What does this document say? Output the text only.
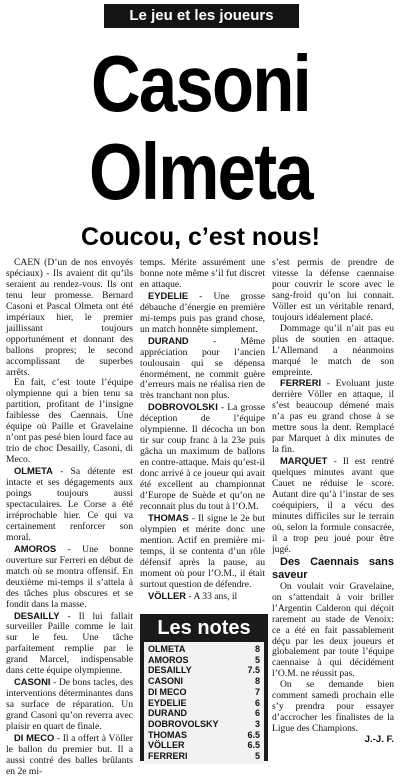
Le jeu et les joueurs
Casoni
Olmeta
Coucou, c’est nous!

CAEN (D’un de nos envoyés spéciaux) - Ils avaient dit qu’ils seraient au rendez-vous. Ils ont tenu leur promesse. Bernard Casoni et Pascal Olmeta ont été impériaux hier, le premier jaillissant toujours opportunément et donnant des ballons propres; le second accomplissant de superbes arrêts.

En fait, c’est toute l’équipe olympienne qui a bien tenu sa partition, profitant de l’insigne faiblesse des Caennais. Une équipe où Paille et Gravelaine n’ont pas pesé bien lourd face au trio de choc Desailly, Casoni, di Meco.

OLMETA - Sa détente est intacte et ses dégagements aux poings toujours aussi spectaculaires. Le Corse a été irréprochable hier. Ce qui va certainement renforcer son moral.

AMOROS - Une bonne ouverture sur Ferreri en début de match où se montra offensif. En deuxième mi-temps il s’attela à des tâches plus obscures et se fondit dans la masse.

DESAILLY - Il lui fallait surveiller Paille comme le lait sur le feu. Une tâche parfaitement remplie par le grand Marcel, indispensable dans cette équipe olympienne.

CASONI - De bons tacles, des interventions déterminantes dans sa surface de réparation. Un grand Casoni qu’on reverra avec plaisir en quart de finale.

DI MECO - Il a offert à Völler le ballon du premier but. Il a aussi contré des balles brûlants en 2e mi-

temps. Mérite assurément une bonne note même s’il fut discret en attaque.

EYDELIE - Une grosse débauche d’énergie en première mi-temps puis pas grand chose, un match honnête simplement.

DURAND - Même appréciation pour l’ancien toulousain qui se dépensa énormément, ne commit guère d’erreurs mais ne réalisa rien de très tranchant non plus.

DOBROVOLSKI - La grosse déception de l’équipe olympienne. Il décocha un bon tir sur coup franc à la 23e puis gâcha un maximum de ballons en contre-attaque. Mais qu’est-il donc arrivé à ce joueur qui avait été excellent au championnat d’Europe de Suède et qu’on ne reconnait plus du tout à l’O.M.

THOMAS - Il signe le 2e but olympien et mérite donc une mention. Actif en première mi-temps, il se contenta d’un rôle défensif après la pause, au moment où pour l’O.M., il était surtout question de défendre.

VÖLLER - A 33 ans, il

Les notes
OLMETA	8
AMOROS	5
DESAILLY	7.5
CASONI	8
DI MECO	7
EYDELIE	6
DURAND	6
DOBROVOLSKY	3
THOMAS	6.5
VÖLLER	6.5
FERRERI	5

s’est permis de prendre de vitesse la défense caennaise pour couvrir le score avec le sang-froid qu’on lui connait. Völler est un véritable renard, toujours idéalement placé.

Dommage qu’il n’ait pas eu plus de soutien en attaque. L’Allemand a néanmoins marqué le match de son empreinte.

FERRERI - Evoluant juste derrière Völler en attaque, il s’est beaucoup démené mais n’a pas eu grand chose à se mettre sous la dent. Remplacé par Marquet à dix minutes de la fin.

MARQUET - Il est rentré quelques minutes avant que Cauet ne réduise le score. Autant dire qu’à l’instar de ses coéquipiers, il a vécu des minutes difficiles sur le terrain où, selon la formule consacrée, il a trop peu joué pour être jugé.

Des Caennais sans saveur

On voulait voir Gravelaine, on s’attendait à voir briller l’Argentin Calderon qui déçoit rarement au stade de Venoix: ce a été en fait passablement déçu par les deux joueurs et globalement par toute l’équipe caennaise à qui décidément l’O.M. ne réussit pas.

On se demande bien comment samedi prochain elle s’y prendra pour essayer d’accrocher les finalistes de la Ligue des Champions.

J.-J. F.
